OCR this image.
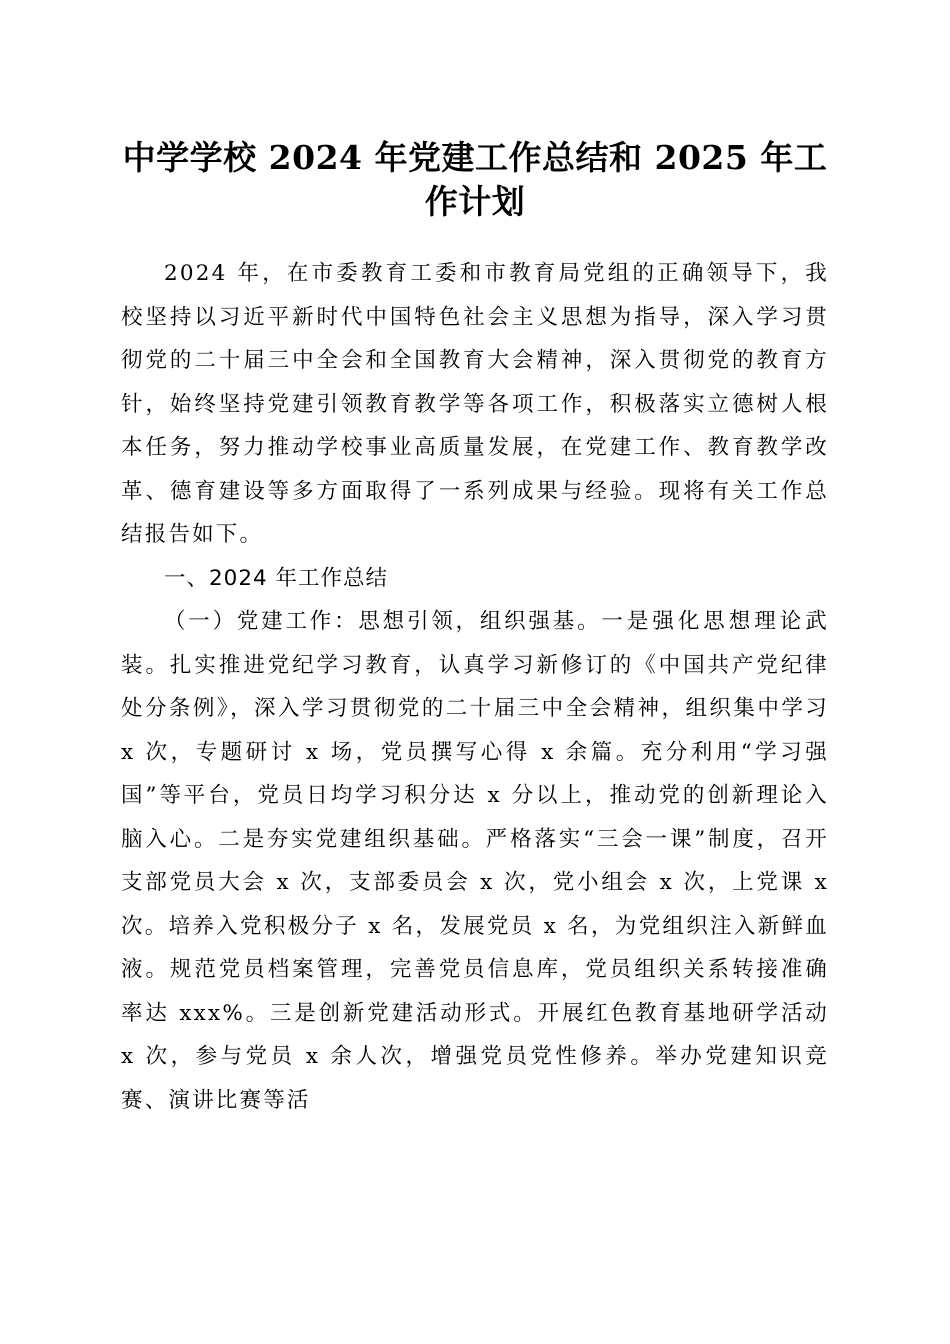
中学学校 2024 年党建工作总结和 2025 年工作计划

2024 年，在市委教育工委和市教育局党组的正确领导下，我校坚持以习近平新时代中国特色社会主义思想为指导，深入学习贯彻党的二十届三中全会和全国教育大会精神，深入贯彻党的教育方针，始终坚持党建引领教育教学等各项工作，积极落实立德树人根本任务，努力推动学校事业高质量发展，在党建工作、教育教学改革、德育建设等多方面取得了一系列成果与经验。现将有关工作总结报告如下。

一、2024 年工作总结

（一）党建工作：思想引领，组织强基。一是强化思想理论武装。扎实推进党纪学习教育，认真学习新修订的《中国共产党纪律处分条例》，深入学习贯彻党的二十届三中全会精神，组织集中学习 x 次，专题研讨 x 场，党员撰写心得 x 余篇。充分利用“学习强国”等平台，党员日均学习积分达 x 分以上，推动党的创新理论入脑入心。二是夯实党建组织基础。严格落实“三会一课”制度，召开支部党员大会 x 次，支部委员会 x 次，党小组会 x 次，上党课 x 次。培养入党积极分子 x 名，发展党员 x 名，为党组织注入新鲜血液。规范党员档案管理，完善党员信息库，党员组织关系转接准确率达 xxx%。三是创新党建活动形式。开展红色教育基地研学活动 x 次，参与党员 x 余人次，增强党员党性修养。举办党建知识竞赛、演讲比赛等活
